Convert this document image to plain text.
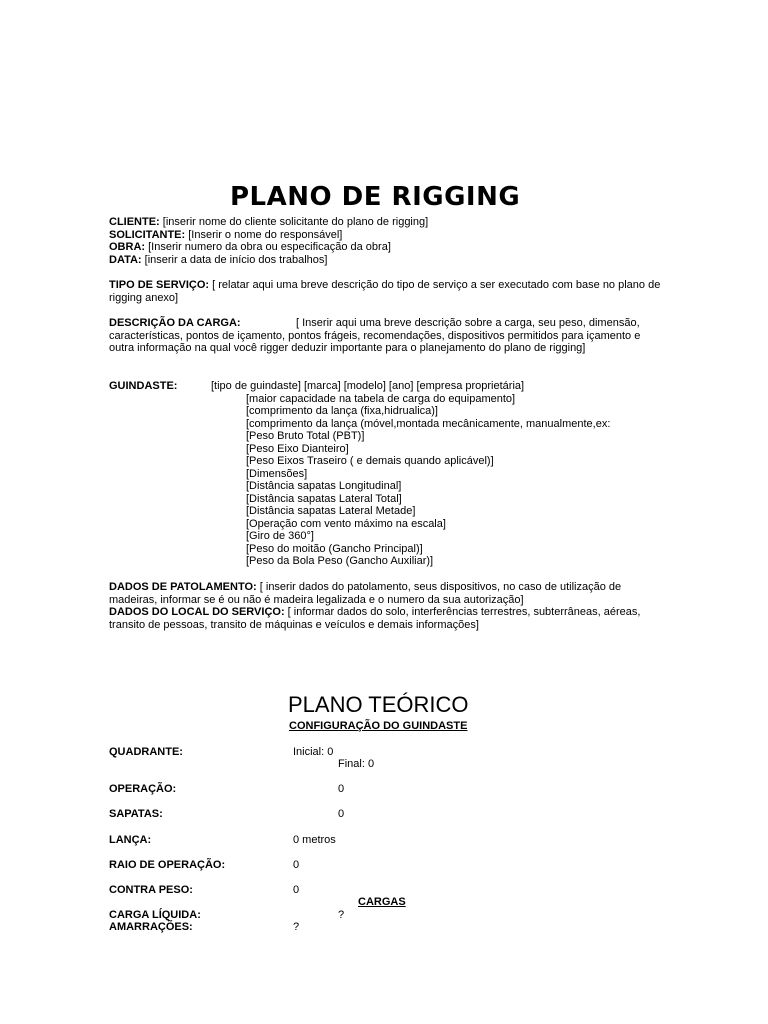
PLANO DE RIGGING
CLIENTE: [inserir nome do cliente solicitante do plano de rigging]
SOLICITANTE: [Inserir o nome do responsável]
OBRA: [Inserir numero da obra ou especificação da obra]
DATA: [inserir a data de início dos trabalhos]
TIPO DE SERVIÇO: [ relatar aqui uma breve descrição do tipo de serviço a ser executado com base no plano de rigging anexo]
DESCRIÇÃO DA CARGA:	[ Inserir aqui uma breve descrição sobre a carga, seu peso, dimensão, características, pontos de içamento, pontos frágeis, recomendações, dispositivos permitidos para içamento e outra informação na qual você rigger deduzir importante para o planejamento do plano de rigging]
GUINDASTE:	[tipo de guindaste] [marca] [modelo] [ano] [empresa proprietária]
[maior capacidade na tabela de carga do equipamento]
[comprimento da lança (fixa,hidrualica)]
[comprimento da lança (móvel,montada mecânicamente, manualmente,ex:
[Peso Bruto Total (PBT)]
[Peso Eixo Dianteiro]
[Peso Eixos Traseiro ( e demais quando aplicável)]
[Dimensões]
[Distância sapatas Longitudinal]
[Distância sapatas Lateral Total]
[Distância sapatas Lateral Metade]
[Operação com vento máximo na escala]
[Giro de 360°]
[Peso do moitão (Gancho Principal)]
[Peso da Bola Peso (Gancho Auxiliar)]
DADOS DE PATOLAMENTO: [ inserir dados do patolamento, seus dispositivos, no caso de utilização de madeiras, informar se é ou não é madeira legalizada e o numero da sua autorização]
DADOS DO LOCAL DO SERVIÇO: [ informar dados do solo, interferências terrestres, subterrâneas, aéreas, transito de pessoas, transito de máquinas e veículos e demais informações]
PLANO TEÓRICO
CONFIGURAÇÃO DO GUINDASTE
QUADRANTE:	Inicial: 0
Final: 0
OPERAÇÃO:	0
SAPATAS:	0
LANÇA:	0 metros
RAIO DE OPERAÇÃO:	0
CONTRA PESO:	0
CARGAS
CARGA LÍQUIDA:	?
AMARRAÇÕES:	?
